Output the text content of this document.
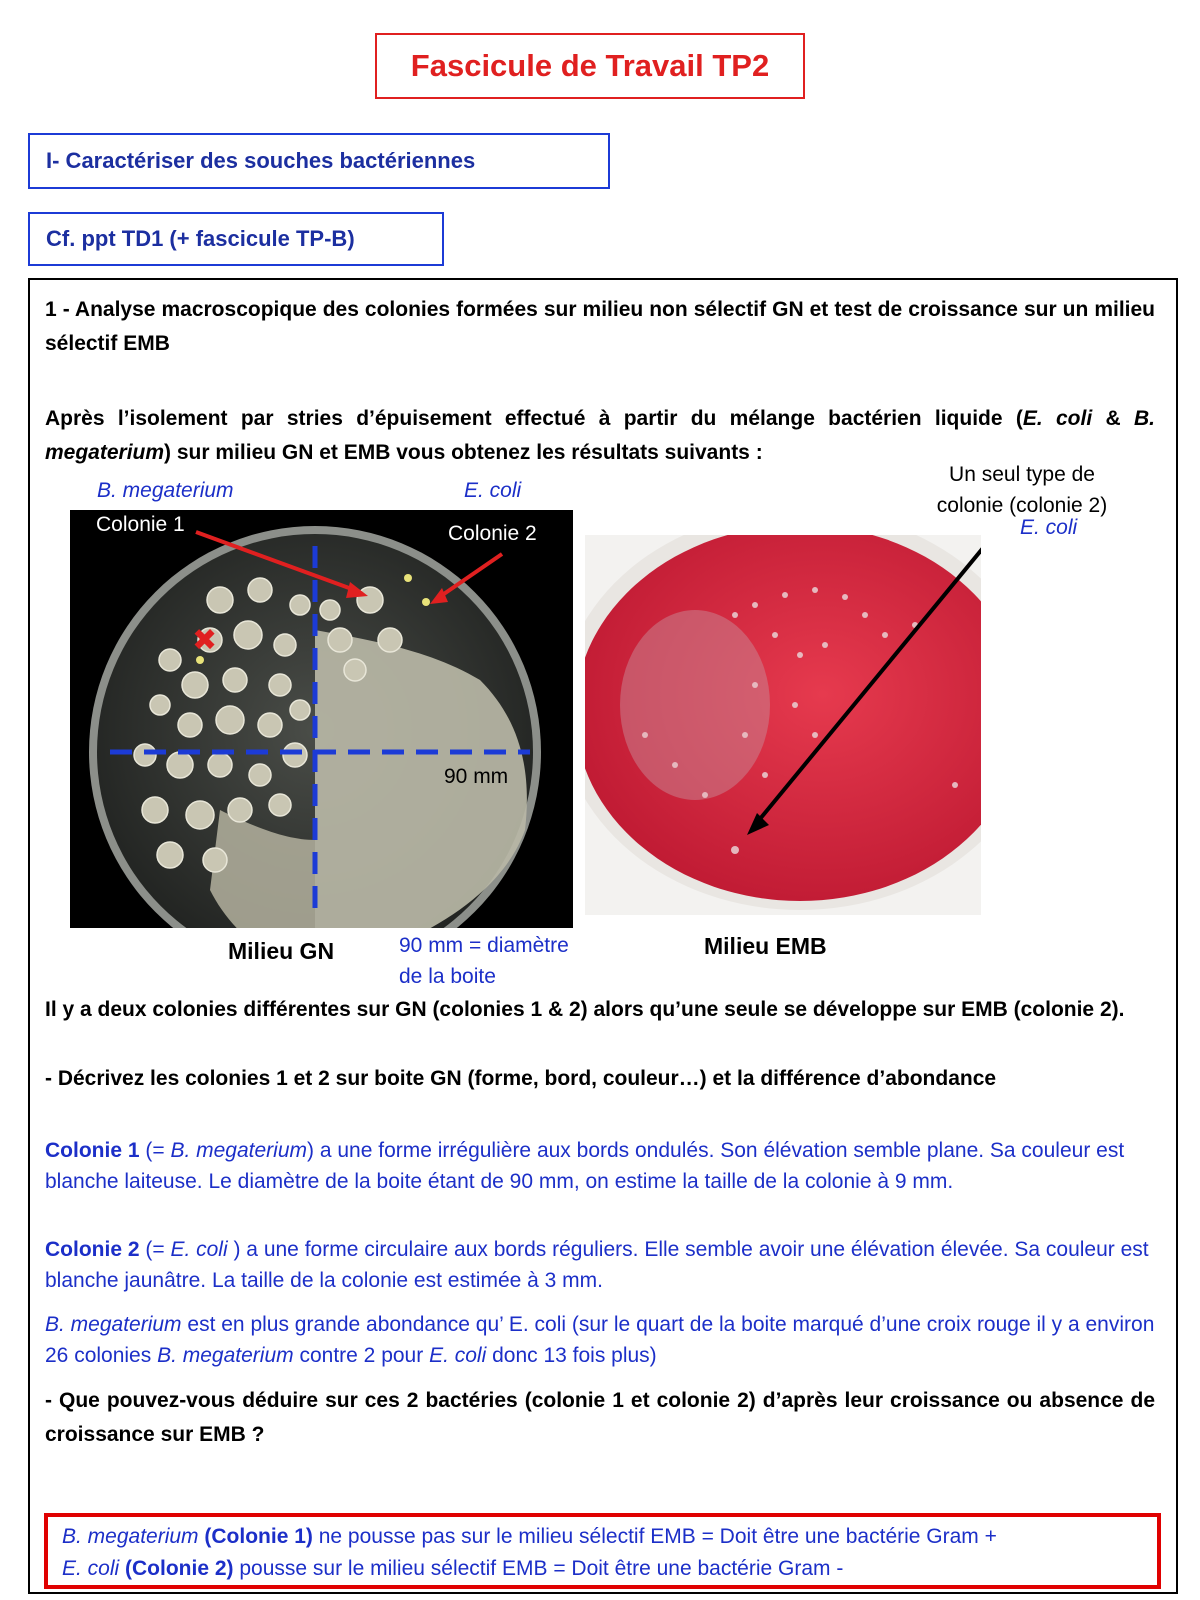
Fascicule de Travail TP2
I- Caractériser des souches bactériennes
Cf. ppt TD1 (+ fascicule TP-B)
1 - Analyse macroscopique des colonies formées sur milieu non sélectif GN et test de croissance sur un milieu sélectif EMB
Après l’isolement par stries d’épuisement effectué à partir du mélange bactérien liquide (E. coli & B. megaterium) sur milieu GN et EMB vous obtenez les résultats suivants :
B. megaterium	E. coli
✖
Colonie 1	Colonie 2
90 mm
Un seul type de
colonie (colonie 2)
E. coli
Milieu GN	90 mm = diamètre
de la boite
Milieu EMB
Il y a deux colonies différentes sur GN (colonies 1 & 2) alors qu’une seule se développe sur EMB (colonie 2).
- Décrivez les colonies 1 et 2 sur boite GN (forme, bord, couleur…) et la différence d’abondance
Colonie 1 (= B. megaterium) a une forme irrégulière aux bords ondulés. Son élévation semble plane. Sa couleur est blanche laiteuse. Le diamètre de la boite étant de 90 mm, on estime la taille de la colonie à 9 mm.
Colonie 2 (= E. coli ) a une forme circulaire aux bords réguliers. Elle semble avoir une élévation élevée. Sa couleur est blanche jaunâtre. La taille de la colonie est estimée à 3 mm.
B. megaterium est en plus grande abondance qu’ E. coli (sur le quart de la boite marqué d’une croix rouge il y a environ 26 colonies B. megaterium contre 2 pour E. coli donc 13 fois plus)
- Que pouvez-vous déduire sur ces 2 bactéries (colonie 1 et colonie 2) d’après leur croissance ou absence de croissance sur EMB ?
B. megaterium (Colonie 1) ne pousse pas sur le milieu sélectif EMB = Doit être une bactérie Gram +
E. coli (Colonie 2) pousse sur le milieu sélectif EMB = Doit être une bactérie Gram -
